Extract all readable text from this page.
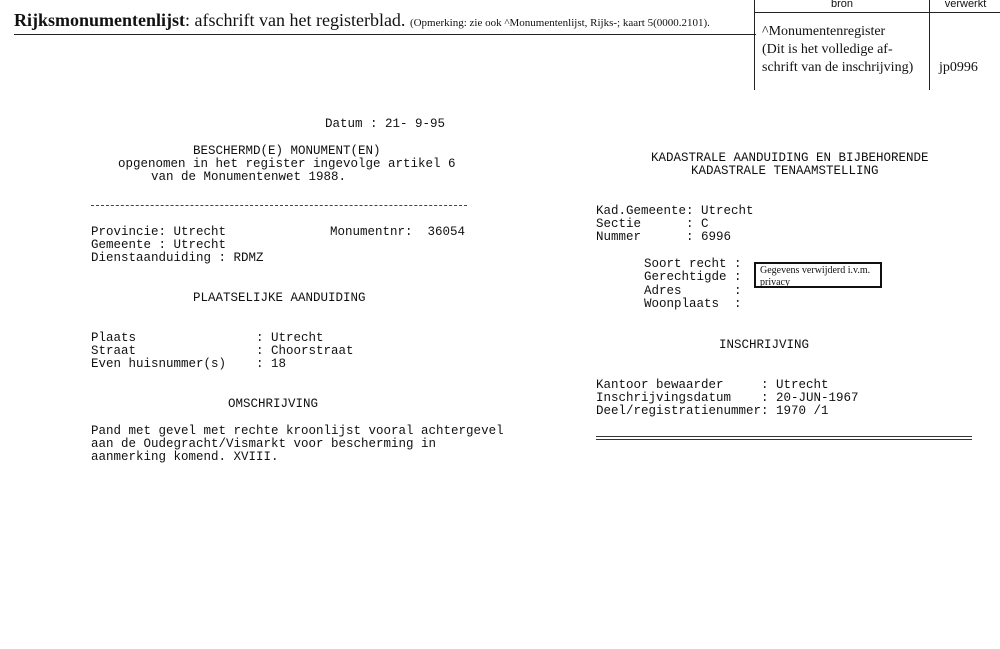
Rijksmonumentenlijst: afschrift van het registerblad. (Opmerking: zie ook ^Monumentenlijst, Rijks-; kaart 5(0000.2101).
bron	verwerkt
^Monumentenregister
(Dit is het volledige af-
schrift van de inschrijving) jp0996
Datum : 21- 9-95
BESCHERMD(E) MONUMENT(EN)
opgenomen in het register ingevolge artikel 6
van de Monumentenwet 1988.
Provincie: Utrecht	Monumentnr:  36054
Gemeente : Utrecht
Dienstaanduiding : RDMZ
PLAATSELIJKE AANDUIDING
Plaats                : Utrecht
Straat                : Choorstraat
Even huisnummer(s)    : 18
OMSCHRIJVING
Pand met gevel met rechte kroonlijst vooral achtergevel
aan de Oudegracht/Vismarkt voor bescherming in
aanmerking komend. XVIII.
KADASTRALE AANDUIDING EN BIJBEHORENDE
KADASTRALE TENAAMSTELLING
Kad.Gemeente: Utrecht
Sectie      : C
Nummer      : 6996
Soort recht :
Gerechtigde :
Adres       :
Woonplaats  :
Gegevens verwijderd i.v.m. privacy
INSCHRIJVING
Kantoor bewaarder     : Utrecht
Inschrijvingsdatum    : 20-JUN-1967
Deel/registratienummer: 1970 /1
